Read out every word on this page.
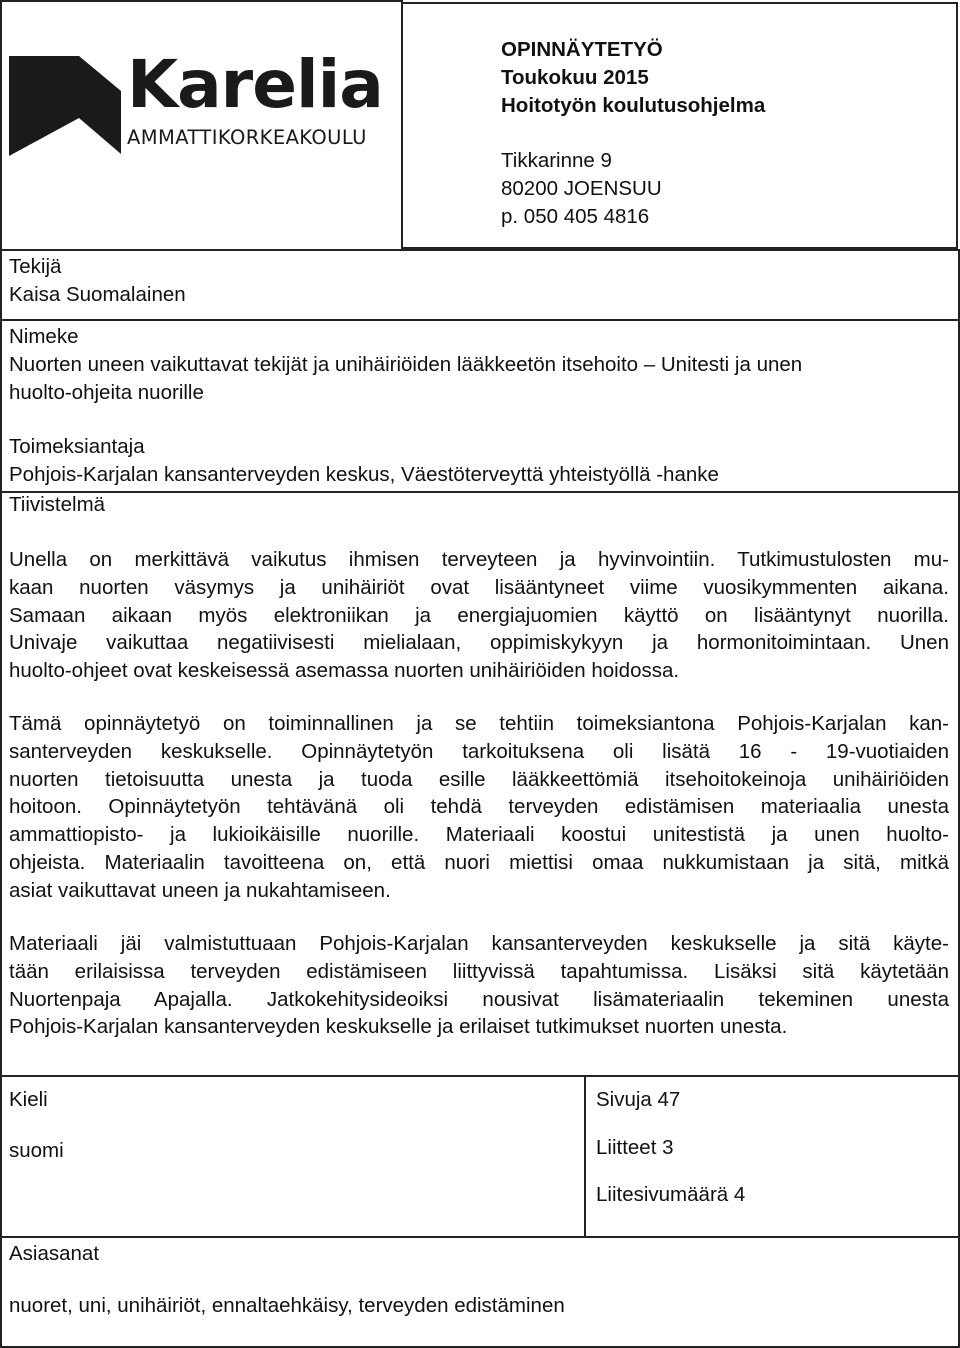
Karelia
AMMATTIKORKEAKOULU
OPINNÄYTETYÖ
Toukokuu 2015
Hoitotyön koulutusohjelma
Tikkarinne 9
80200 JOENSUU
p. 050 405 4816
Tekijä
Kaisa Suomalainen
Nimeke
Nuorten uneen vaikuttavat tekijät ja unihäiriöiden lääkkeetön itsehoito – Unitesti ja unen
huolto-ohjeita nuorille
Toimeksiantaja
Pohjois-Karjalan kansanterveyden keskus, Väestöterveyttä yhteistyöllä -hanke
Tiivistelmä
Unella on merkittävä vaikutus ihmisen terveyteen ja hyvinvointiin. Tutkimustulosten mu-
kaan nuorten väsymys ja unihäiriöt ovat lisääntyneet viime vuosikymmenten aikana.
Samaan aikaan myös elektroniikan ja energiajuomien käyttö on lisääntynyt nuorilla.
Univaje vaikuttaa negatiivisesti mielialaan, oppimiskykyyn ja hormonitoimintaan. Unen
huolto-ohjeet ovat keskeisessä asemassa nuorten unihäiriöiden hoidossa.
Tämä opinnäytetyö on toiminnallinen ja se tehtiin toimeksiantona Pohjois-Karjalan kan-
santerveyden keskukselle. Opinnäytetyön tarkoituksena oli lisätä 16 - 19-vuotiaiden
nuorten tietoisuutta unesta ja tuoda esille lääkkeettömiä itsehoitokeinoja unihäiriöiden
hoitoon. Opinnäytetyön tehtävänä oli tehdä terveyden edistämisen materiaalia unesta
ammattiopisto- ja lukioikäisille nuorille. Materiaali koostui unitestistä ja unen huolto-
ohjeista. Materiaalin tavoitteena on, että nuori miettisi omaa nukkumistaan ja sitä, mitkä
asiat vaikuttavat uneen ja nukahtamiseen.
Materiaali jäi valmistuttuaan Pohjois-Karjalan kansanterveyden keskukselle ja sitä käyte-
tään erilaisissa terveyden edistämiseen liittyvissä tapahtumissa. Lisäksi sitä käytetään
Nuortenpaja Apajalla. Jatkokehitysideoiksi nousivat lisämateriaalin tekeminen unesta
Pohjois-Karjalan kansanterveyden keskukselle ja erilaiset tutkimukset nuorten unesta.
Kieli
suomi
Sivuja 47
Liitteet 3
Liitesivumäärä 4
Asiasanat
nuoret, uni, unihäiriöt, ennaltaehkäisy, terveyden edistäminen
